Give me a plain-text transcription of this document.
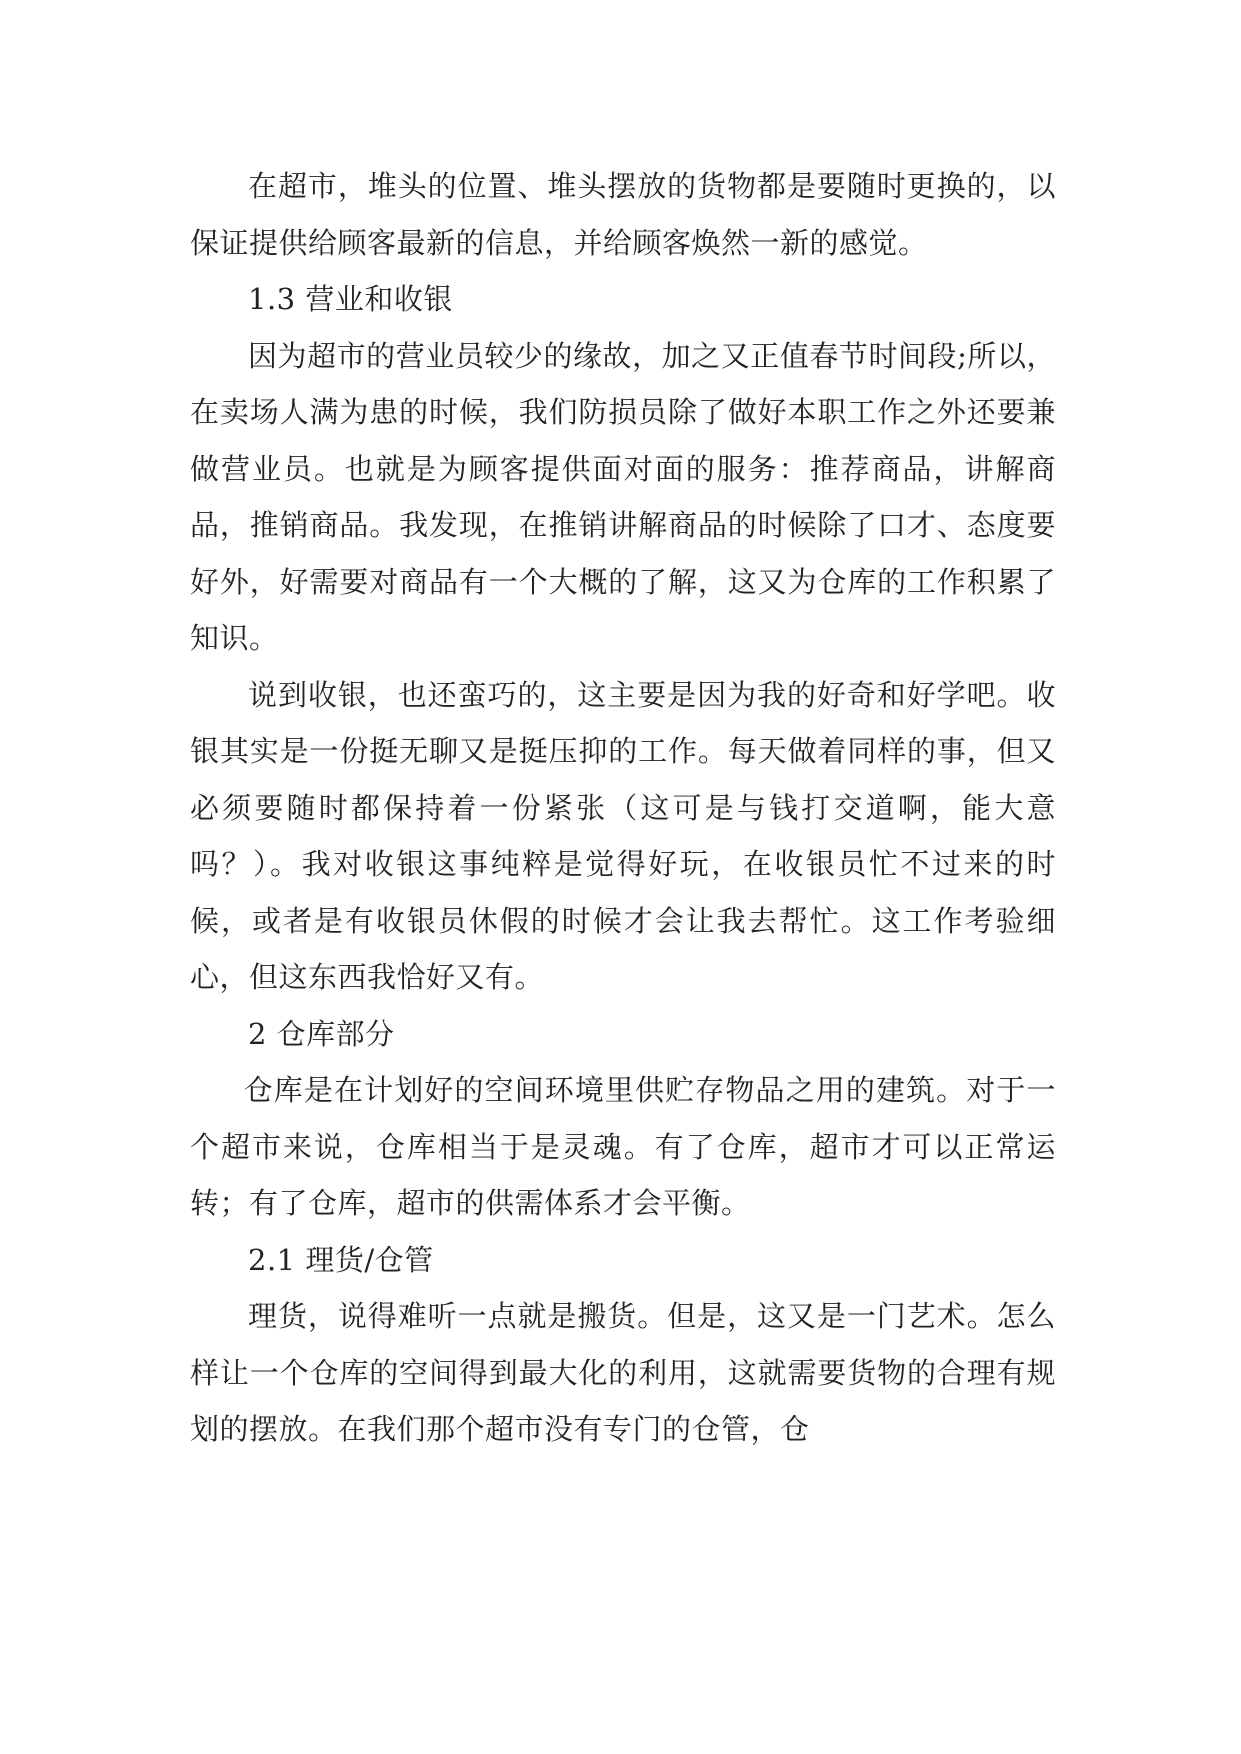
在超市，堆头的位置、堆头摆放的货物都是要随时更换的，以保证提供给顾客最新的信息，并给顾客焕然一新的感觉。

1.3 营业和收银

因为超市的营业员较少的缘故，加之又正值春节时间段;所以，在卖场人满为患的时候，我们防损员除了做好本职工作之外还要兼做营业员。也就是为顾客提供面对面的服务：推荐商品，讲解商品，推销商品。我发现，在推销讲解商品的时候除了口才、态度要好外，好需要对商品有一个大概的了解，这又为仓库的工作积累了知识。

说到收银，也还蛮巧的，这主要是因为我的好奇和好学吧。收银其实是一份挺无聊又是挺压抑的工作。每天做着同样的事，但又必须要随时都保持着一份紧张（这可是与钱打交道啊，能大意吗？）。我对收银这事纯粹是觉得好玩，在收银员忙不过来的时候，或者是有收银员休假的时候才会让我去帮忙。这工作考验细心，但这东西我恰好又有。

2 仓库部分

仓库是在计划好的空间环境里供贮存物品之用的建筑。对于一个超市来说，仓库相当于是灵魂。有了仓库，超市才可以正常运转；有了仓库，超市的供需体系才会平衡。

2.1 理货/仓管

理货，说得难听一点就是搬货。但是，这又是一门艺术。怎么样让一个仓库的空间得到最大化的利用，这就需要货物的合理有规划的摆放。在我们那个超市没有专门的仓管，仓
